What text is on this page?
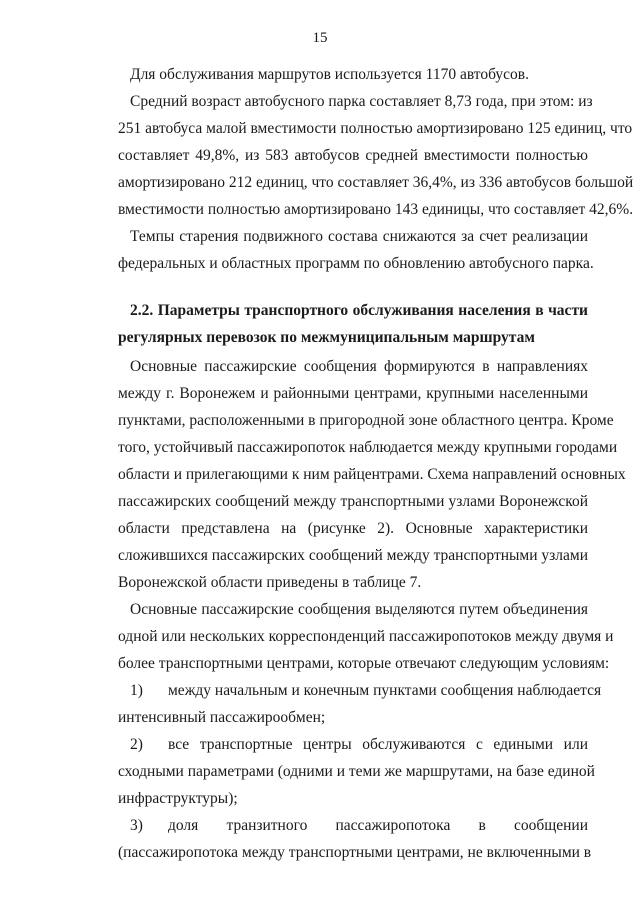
15
Для обслуживания маршрутов используется 1170 автобусов.
Средний возраст автобусного парка составляет 8,73 года, при этом: из
251 автобуса малой вместимости полностью амортизировано 125 единиц, что
составляет 49,8%, из 583 автобусов средней вместимости полностью
амортизировано 212 единиц, что составляет 36,4%, из 336 автобусов большой
вместимости полностью амортизировано 143 единицы, что составляет 42,6%.
Темпы старения подвижного состава снижаются за счет реализации
федеральных и областных программ по обновлению автобусного парка.
2.2. Параметры транспортного обслуживания населения в части
регулярных перевозок по межмуниципальным маршрутам
Основные пассажирские сообщения формируются в направлениях
между г. Воронежем и районными центрами, крупными населенными
пунктами, расположенными в пригородной зоне областного центра. Кроме
того, устойчивый пассажиропоток наблюдается между крупными городами
области и прилегающими к ним райцентрами. Схема направлений основных
пассажирских сообщений между транспортными узлами Воронежской
области представлена на (рисунке 2). Основные характеристики
сложившихся пассажирских сообщений между транспортными узлами
Воронежской области приведены в таблице 7.
Основные пассажирские сообщения выделяются путем объединения
одной или нескольких корреспонденций пассажиропотоков между двумя и
более транспортными центрами, которые отвечают следующим условиям:
1) между начальным и конечным пунктами сообщения наблюдается
интенсивный пассажирообмен;
2) все транспортные центры обслуживаются с едиными или
сходными параметрами (одними и теми же маршрутами, на базе единой
инфраструктуры);
3) доля транзитного пассажиропотока в сообщении
(пассажиропотока между транспортными центрами, не включенными в
